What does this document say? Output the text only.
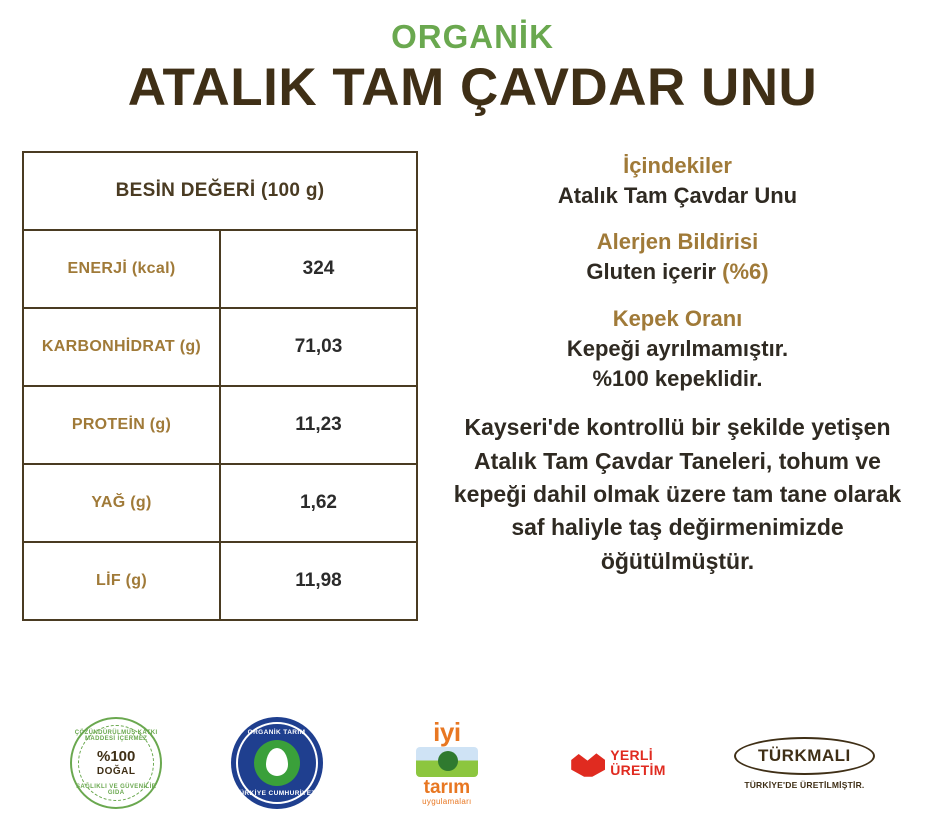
ORGANİK
ATALIK TAM ÇAVDAR UNU
BESİN DEĞERİ (100 g)	
ENERJİ (kcal)	324
KARBONHİDRAT (g)	71,03
PROTEİN (g)	11,23
YAĞ (g)	1,62
LİF (g)	11,98
İçindekiler
Atalık Tam Çavdar Unu
Alerjen Bildirisi
Gluten içerir (%6)
Kepek Oranı
Kepeği ayrılmamıştır.
%100 kepeklidir.
Kayseri'de kontrollü bir şekilde yetişen Atalık Tam Çavdar Taneleri, tohum ve kepeği dahil olmak üzere tam tane olarak saf haliyle taş değirmenimizde öğütülmüştür.
ÇÖZÜNDÜRÜLMÜŞ KATKI MADDESİ İÇERMEZ
%100
DOĞAL
SAĞLIKLI VE GÜVENİLİR GIDA
ORGANİK TARIM
TÜRKİYE CUMHURİYETİ
iyi
tarım
uygulamaları
YERLİ
ÜRETİM
TÜRKMALI
TÜRKİYE'DE ÜRETİLMİŞTİR.
